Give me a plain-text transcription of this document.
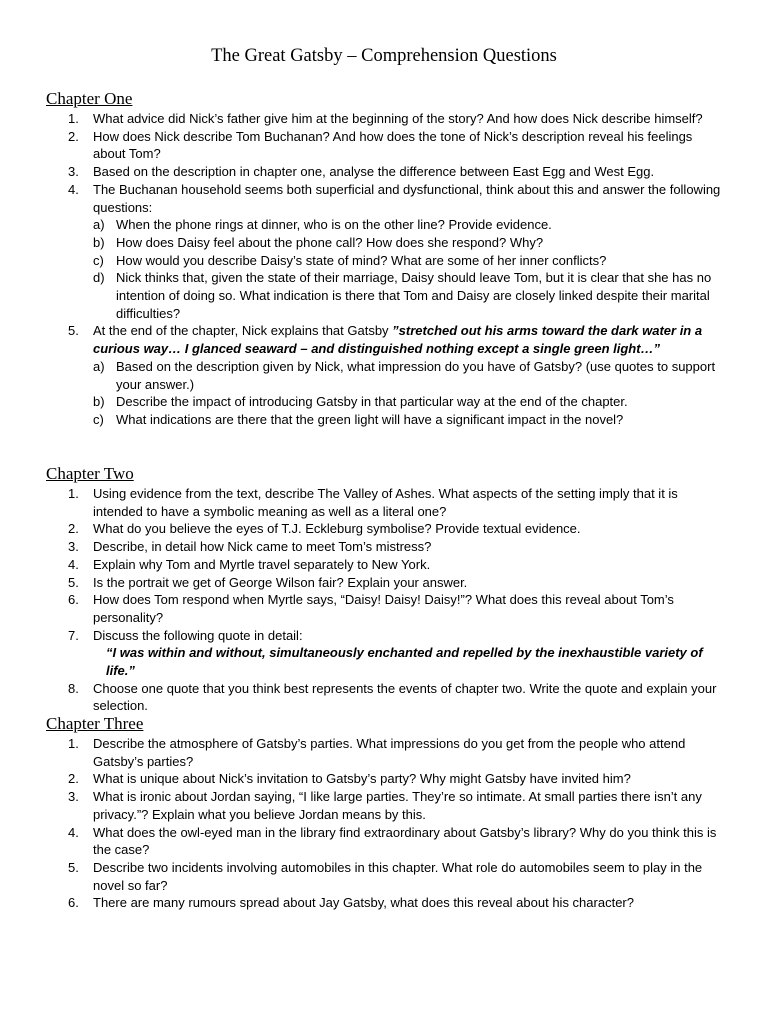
The Great Gatsby – Comprehension Questions
Chapter One
1. What advice did Nick’s father give him at the beginning of the story? And how does Nick describe himself?
2. How does Nick describe Tom Buchanan? And how does the tone of Nick’s description reveal his feelings about Tom?
3. Based on the description in chapter one, analyse the difference between East Egg and West Egg.
4. The Buchanan household seems both superficial and dysfunctional, think about this and answer the following questions:
a) When the phone rings at dinner, who is on the other line? Provide evidence.
b) How does Daisy feel about the phone call? How does she respond? Why?
c) How would you describe Daisy’s state of mind? What are some of her inner conflicts?
d) Nick thinks that, given the state of their marriage, Daisy should leave Tom, but it is clear that she has no intention of doing so. What indication is there that Tom and Daisy are closely linked despite their marital difficulties?
5. At the end of the chapter, Nick explains that Gatsby ”stretched out his arms toward the dark water in a curious way… I glanced seaward – and distinguished nothing except a single green light…”
a) Based on the description given by Nick, what impression do you have of Gatsby? (use quotes to support your answer.)
b) Describe the impact of introducing Gatsby in that particular way at the end of the chapter.
c) What indications are there that the green light will have a significant impact in the novel?
Chapter Two
1. Using evidence from the text, describe The Valley of Ashes. What aspects of the setting imply that it is intended to have a symbolic meaning as well as a literal one?
2. What do you believe the eyes of T.J. Eckleburg symbolise? Provide textual evidence.
3. Describe, in detail how Nick came to meet Tom’s mistress?
4. Explain why Tom and Myrtle travel separately to New York.
5. Is the portrait we get of George Wilson fair? Explain your answer.
6. How does Tom respond when Myrtle says, “Daisy! Daisy! Daisy!”? What does this reveal about Tom’s personality?
7. Discuss the following quote in detail:
“I was within and without, simultaneously enchanted and repelled by the inexhaustible variety of life.”
8. Choose one quote that you think best represents the events of chapter two. Write the quote and explain your selection.
Chapter Three
1. Describe the atmosphere of Gatsby’s parties. What impressions do you get from the people who attend Gatsby’s parties?
2. What is unique about Nick’s invitation to Gatsby’s party? Why might Gatsby have invited him?
3. What is ironic about Jordan saying, “I like large parties. They’re so intimate. At small parties there isn’t any privacy.”? Explain what you believe Jordan means by this.
4. What does the owl-eyed man in the library find extraordinary about Gatsby’s library? Why do you think this is the case?
5. Describe two incidents involving automobiles in this chapter. What role do automobiles seem to play in the novel so far?
6. There are many rumours spread about Jay Gatsby, what does this reveal about his character?
